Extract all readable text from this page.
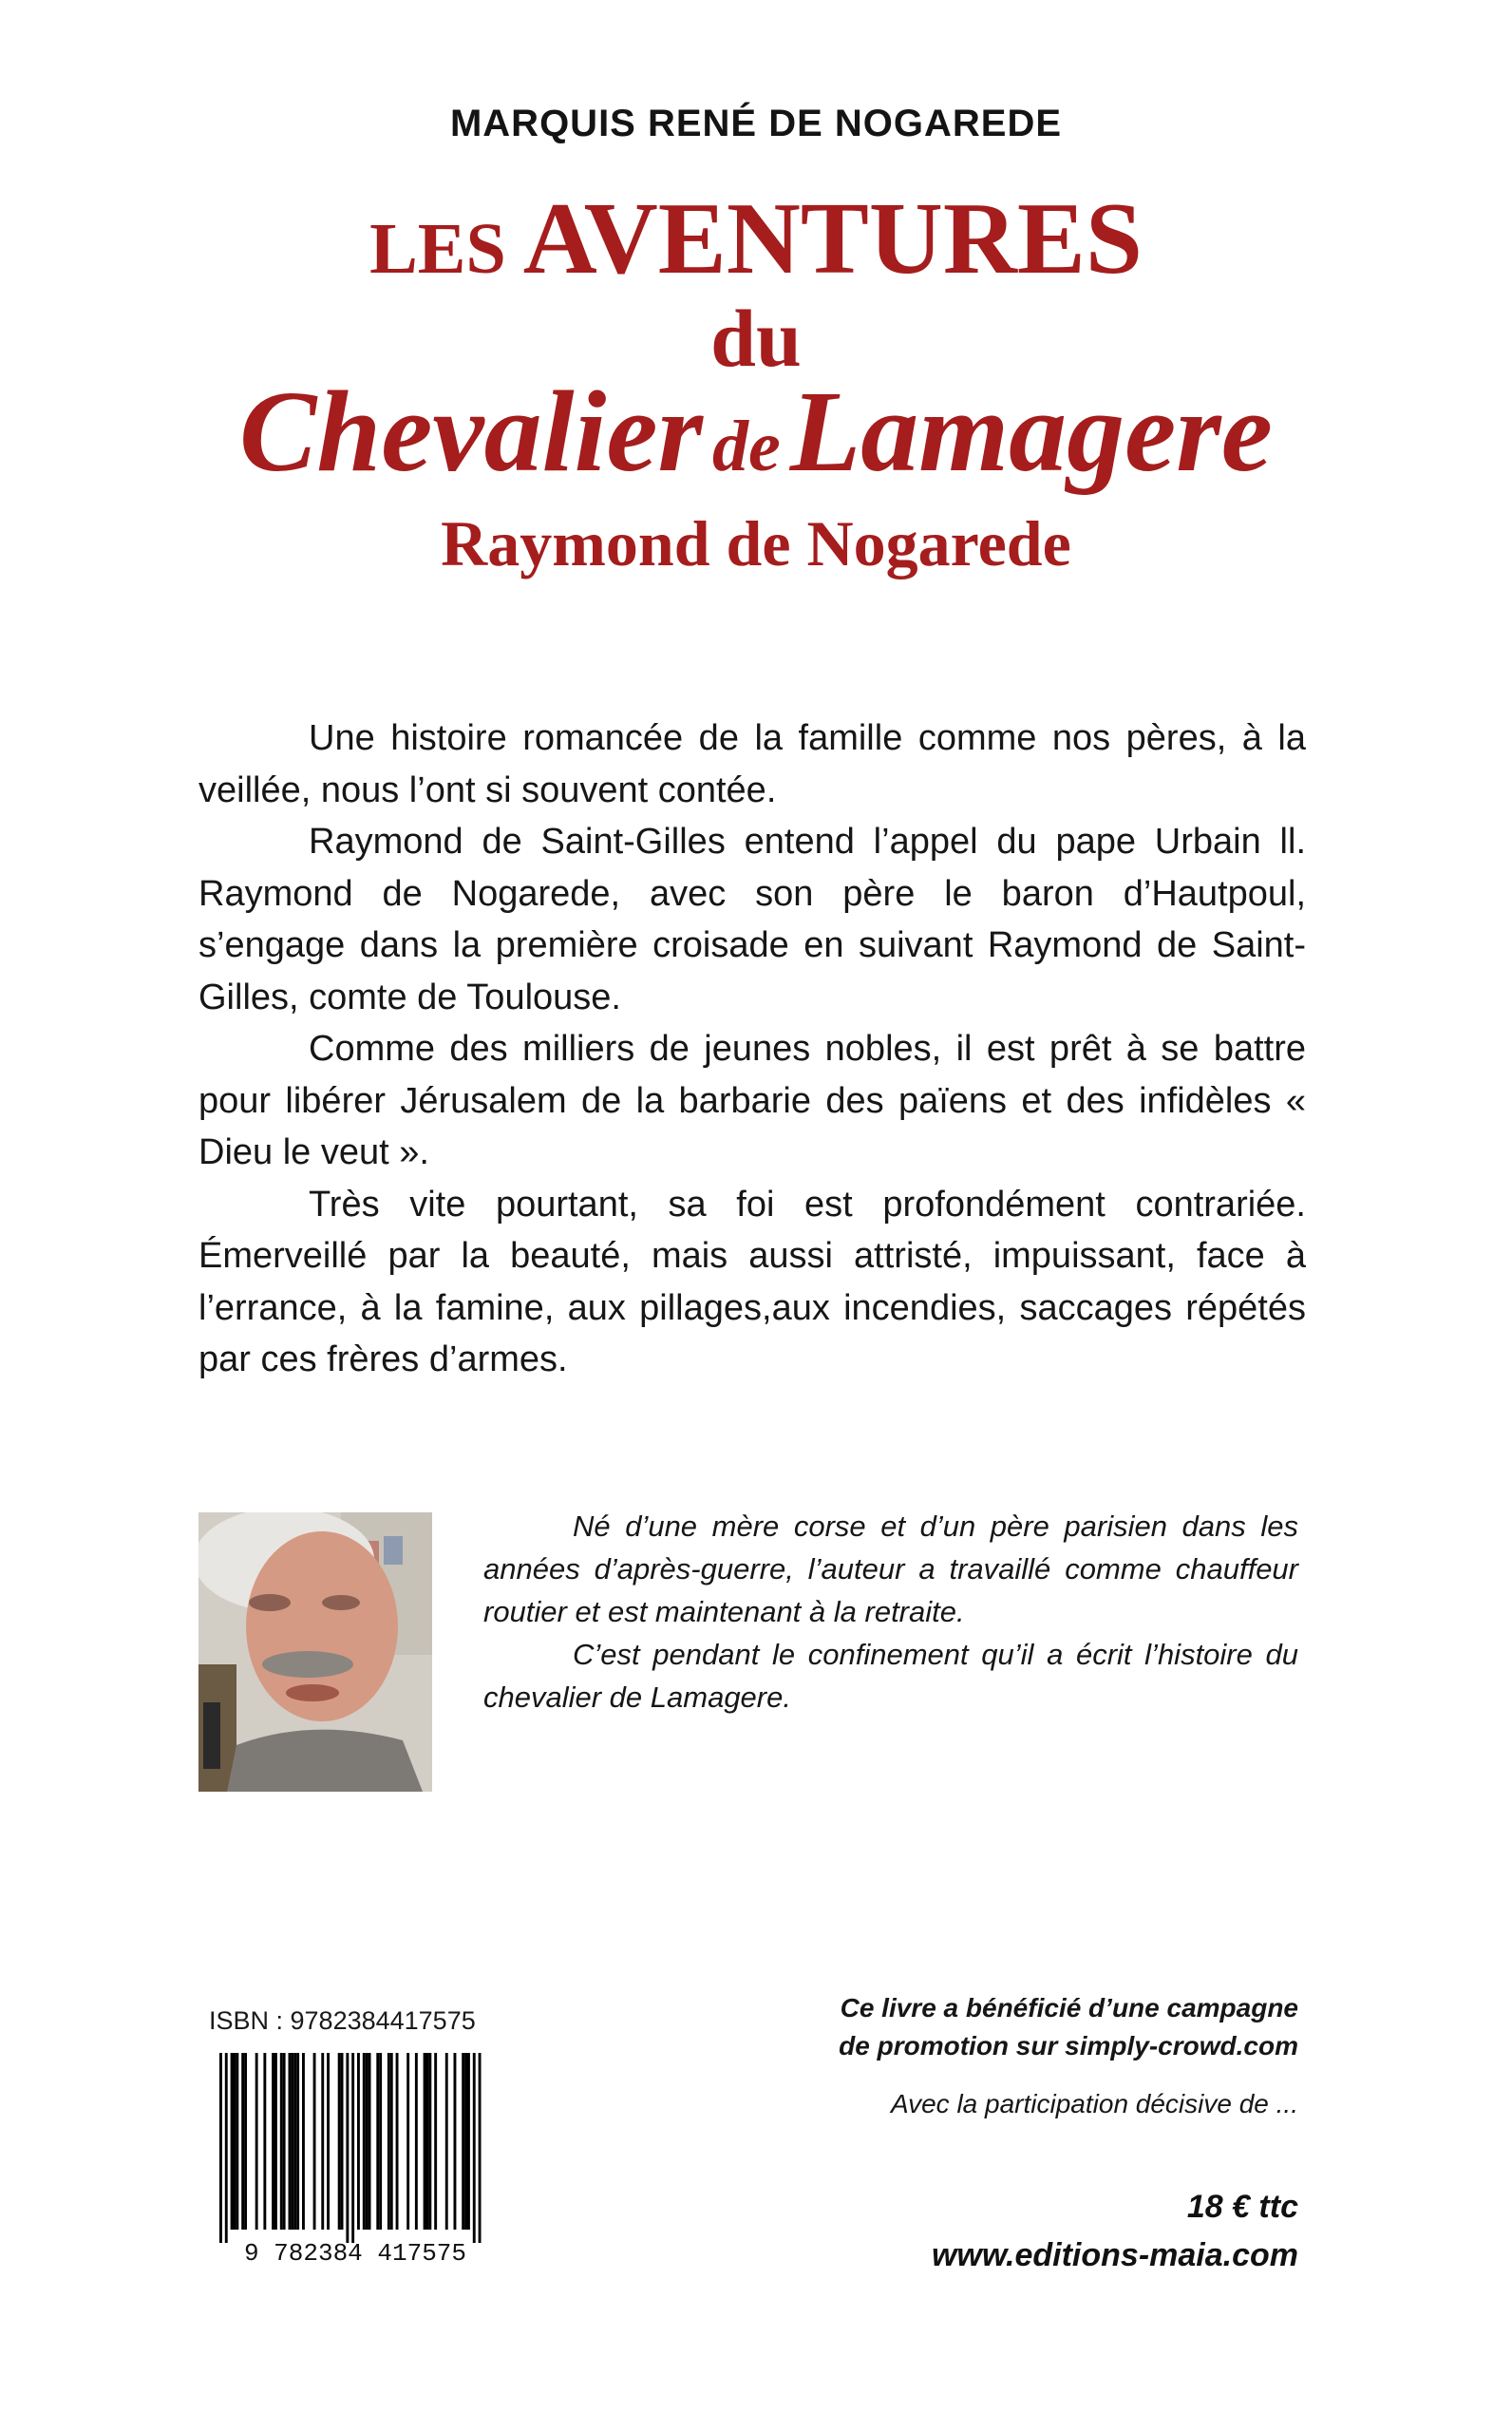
MARQUIS RENÉ DE NOGAREDE
LES AVENTURES
du
Chevalier deLamagere
Raymond de Nogarede

Une histoire romancée de la famille comme nos pères, à la veillée, nous l’ont si souvent contée.

Raymond de Saint-Gilles entend l’appel du pape Urbain ll. Raymond de Nogarede, avec son père le baron d’Hautpoul, s’engage dans la première croisade en suivant Raymond de Saint-Gilles, comte de Toulouse.

Comme des milliers de jeunes nobles, il est prêt à se battre pour libérer Jérusalem de la barbarie des païens et des infidèles « Dieu le veut ».

Très vite pourtant, sa foi est profondément contrariée. Émerveillé par la beauté, mais aussi attristé, impuissant, face à l’errance, à la famine, aux pillages,aux incendies, saccages répétés par ces frères d’armes.

Né d’une mère corse et d’un père parisien dans les années d’après-guerre, l’auteur a travaillé comme chauffeur routier et est maintenant à la retraite.

C’est pendant le confinement qu’il a écrit l’histoire du chevalier de Lamagere.

ISBN : 9782384417575
9 782384 417575
Ce livre a bénéficié d’une campagne
de promotion sur simply-crowd.com
Avec la participation décisive de ...
18 € ttc
www.editions-maia.com
